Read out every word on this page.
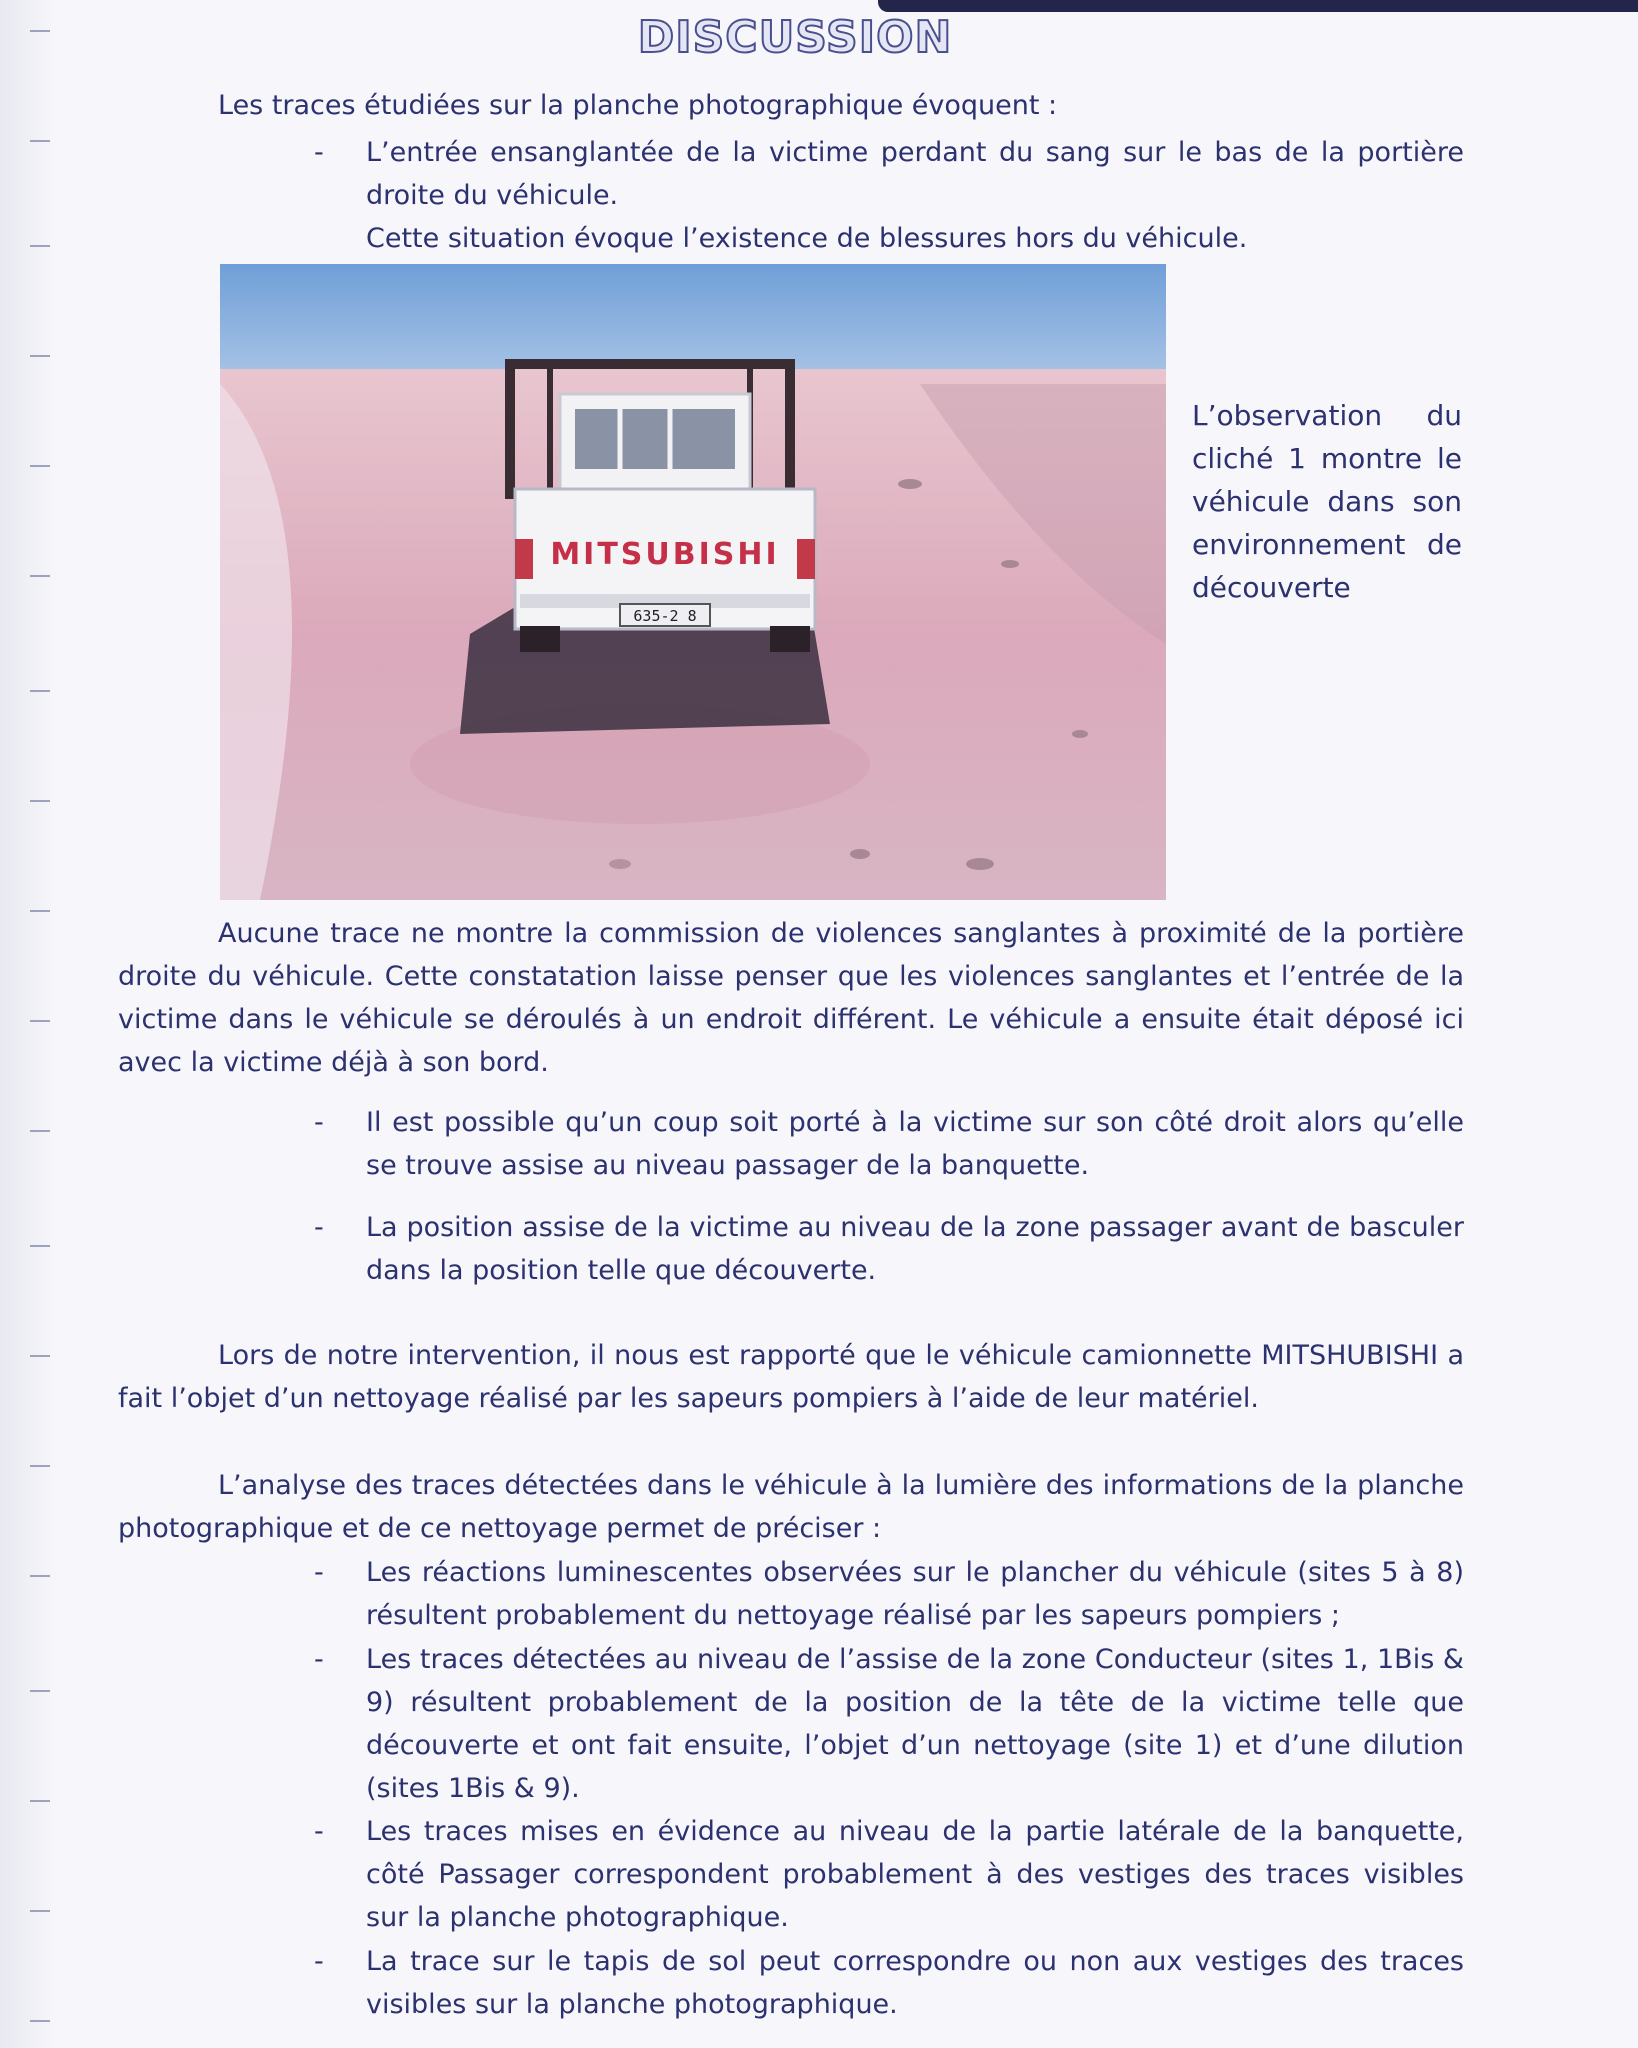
DISCUSSION
Les traces étudiées sur la planche photographique évoquent :
- L’entrée ensanglantée de la victime perdant du sang sur le bas de la portière droite du véhicule.
Cette situation évoque l’existence de blessures hors du véhicule.
MITSUBISHI
635-2 8
L’observation du cliché 1 montre le véhicule dans son environnement de découverte
Aucune trace ne montre la commission de violences sanglantes à proximité de la portière droite du véhicule. Cette constatation laisse penser que les violences sanglantes et l’entrée de la victime dans le véhicule se déroulés à un endroit différent. Le véhicule a ensuite était déposé ici avec la victime déjà à son bord.
- Il est possible qu’un coup soit porté à la victime sur son côté droit alors qu’elle se trouve assise au niveau passager de la banquette.
- La position assise de la victime au niveau de la zone passager avant de basculer dans la position telle que découverte.
Lors de notre intervention, il nous est rapporté que le véhicule camionnette MITSHUBISHI a fait l’objet d’un nettoyage réalisé par les sapeurs pompiers à l’aide de leur matériel.
L’analyse des traces détectées dans le véhicule à la lumière des informations de la planche photographique et de ce nettoyage permet de préciser :
- Les réactions luminescentes observées sur le plancher du véhicule (sites 5 à 8) résultent probablement du nettoyage réalisé par les sapeurs pompiers ;
- Les traces détectées au niveau de l’assise de la zone Conducteur (sites 1, 1Bis & 9) résultent probablement de la position de la tête de la victime telle que découverte et ont fait ensuite, l’objet d’un nettoyage (site 1) et d’une dilution (sites 1Bis & 9).
- Les traces mises en évidence au niveau de la partie latérale de la banquette, côté Passager correspondent probablement à des vestiges des traces visibles sur la planche photographique.
- La trace sur le tapis de sol peut correspondre ou non aux vestiges des traces visibles sur la planche photographique.
